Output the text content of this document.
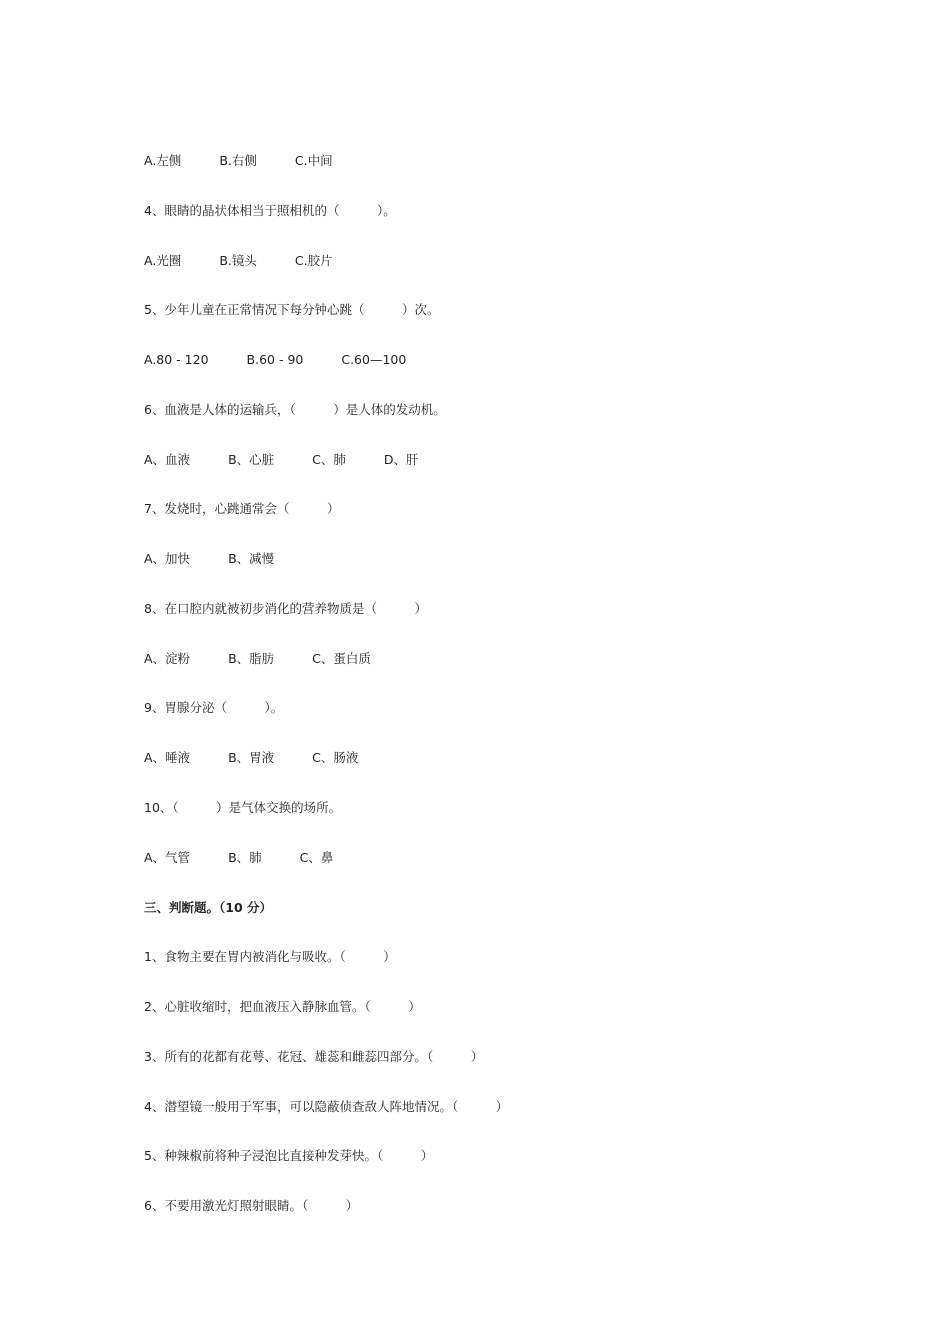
A.左侧	B.右侧	C.中间
4、眼睛的晶状体相当于照相机的（　　　）。
A.光圈	B.镜头	C.胶片
5、少年儿童在正常情况下每分钟心跳（　　　）次。
A.80 - 120	B.60 - 90	C.60—100
6、血液是人体的运输兵，（　　　）是人体的发动机。
A、血液	B、心脏	C、肺	D、肝
7、发烧时，心跳通常会（　　　）
A、加快	B、减慢
8、在口腔内就被初步消化的营养物质是（　　　）
A、淀粉	B、脂肪	C、蛋白质
9、胃腺分泌（　　　）。
A、唾液	B、胃液	C、肠液
10、（　　　）是气体交换的场所。
A、气管	B、肺	C、鼻
三、判断题。（10 分）
1、食物主要在胃内被消化与吸收。（　　　）
2、心脏收缩时，把血液压入静脉血管。（　　　）
3、所有的花都有花萼、花冠、雄蕊和雌蕊四部分。（　　　）
4、潜望镜一般用于军事，可以隐蔽侦查敌人阵地情况。（　　　）
5、种辣椒前将种子浸泡比直接种发芽快。（　　　）
6、不要用激光灯照射眼睛。（　　　）
